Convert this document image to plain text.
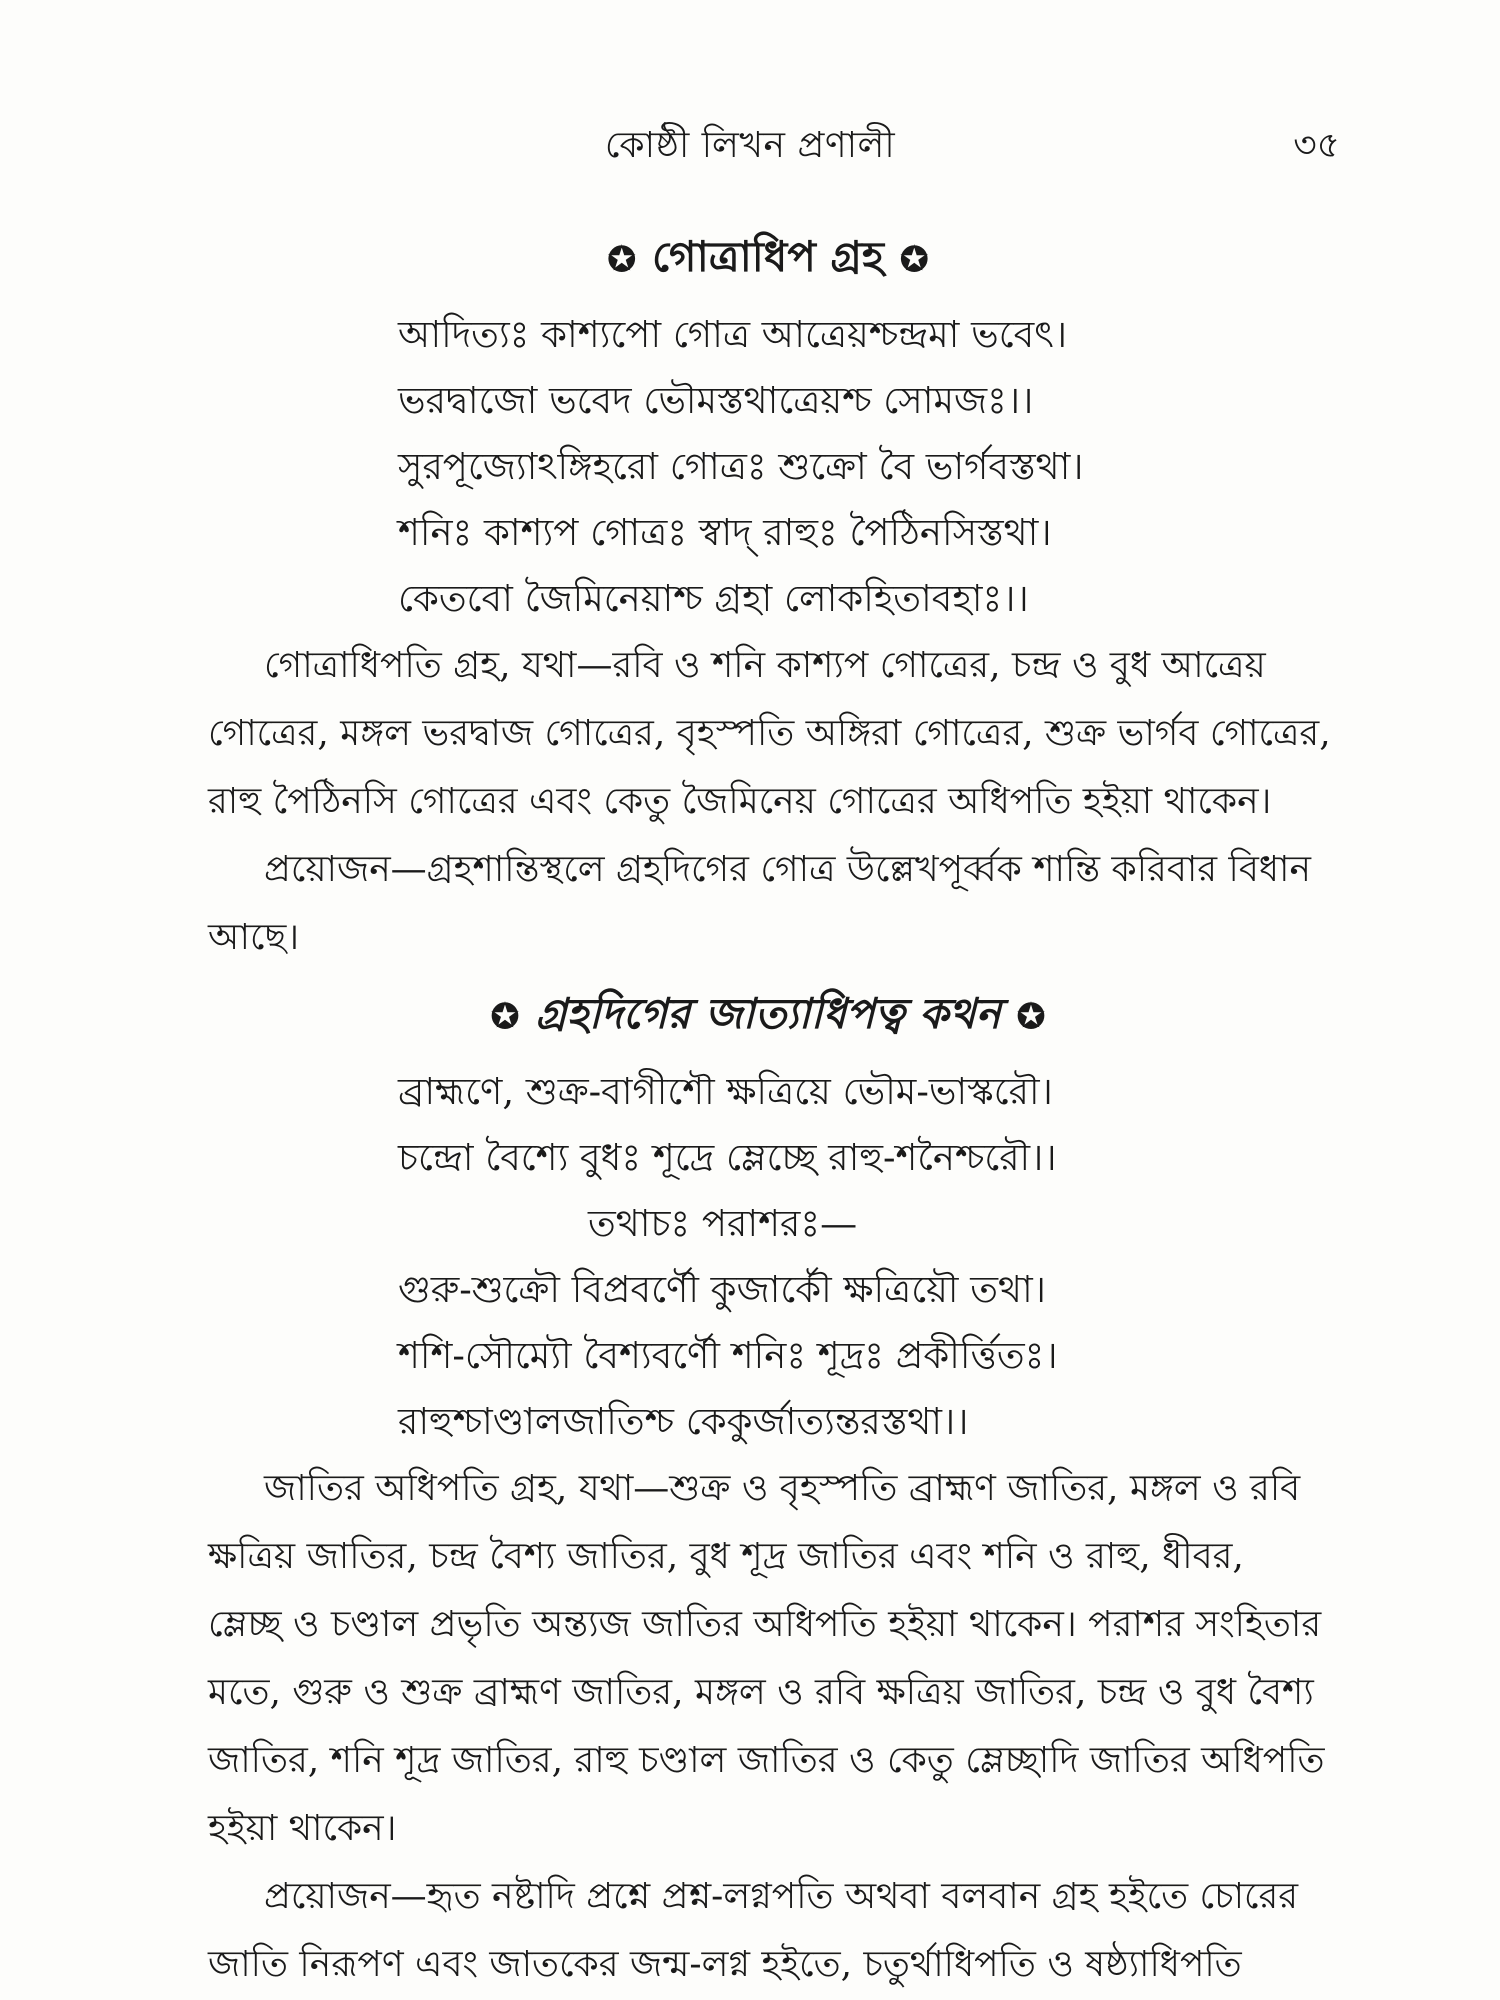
কোষ্ঠী লিখন প্রণালী	৩৫
✪ গোত্রাধিপ গ্রহ ✪

আদিত্যঃ কাশ্যপো গোত্র আত্রেয়শ্চন্দ্রমা ভবেৎ।

ভরদ্বাজো ভবেদ ভৌমস্তথাত্রেয়শ্চ সোমজঃ।।

সুরপূজ্যোঽঙ্গিহরো গোত্রঃ শুক্রো বৈ ভার্গবস্তথা।

শনিঃ কাশ্যপ গোত্রঃ স্বাদ্ রাহুঃ পৈঠিনসিস্তথা।

কেতবো জৈমিনেয়াশ্চ গ্রহা লোকহিতাবহাঃ।।

গোত্রাধিপতি গ্রহ, যথা—রবি ও শনি কাশ্যপ গোত্রের, চন্দ্র ও বুধ আত্রেয়
গোত্রের, মঙ্গল ভরদ্বাজ গোত্রের, বৃহস্পতি অঙ্গিরা গোত্রের, শুক্র ভার্গব গোত্রের,
রাহু পৈঠিনসি গোত্রের এবং কেতু জৈমিনেয় গোত্রের অধিপতি হইয়া থাকেন।

প্রয়োজন—গ্রহশান্তিস্থলে গ্রহদিগের গোত্র উল্লেখপূর্ব্বক শান্তি করিবার বিধান
আছে।

✪ গ্রহদিগের জাত্যাধিপত্ব কথন ✪

ব্রাহ্মণে, শুক্র-বাগীশৌ ক্ষত্রিয়ে ভৌম-ভাস্করৌ।

চন্দ্রো বৈশ্যে বুধঃ শূদ্রে ম্লেচ্ছে রাহু-শনৈশ্চরৌ।।

তথাচঃ পরাশরঃ—

গুরু-শুক্রৌ বিপ্রবর্ণৌ কুজার্কৌ ক্ষত্রিয়ৌ তথা।

শশি-সৌম্যৌ বৈশ্যবর্ণৌ শনিঃ শূদ্রঃ প্রকীর্ত্তিতঃ।

রাহুশ্চাণ্ডালজাতিশ্চ কেকুর্জাত্যন্তরস্তথা।।

জাতির অধিপতি গ্রহ, যথা—শুক্র ও বৃহস্পতি ব্রাহ্মণ জাতির, মঙ্গল ও রবি
ক্ষত্রিয় জাতির, চন্দ্র বৈশ্য জাতির, বুধ শূদ্র জাতির এবং শনি ও রাহু, ধীবর,
ম্লেচ্ছ ও চণ্ডাল প্রভৃতি অন্ত্যজ জাতির অধিপতি হইয়া থাকেন। পরাশর সংহিতার
মতে, গুরু ও শুক্র ব্রাহ্মণ জাতির, মঙ্গল ও রবি ক্ষত্রিয় জাতির, চন্দ্র ও বুধ বৈশ্য
জাতির, শনি শূদ্র জাতির, রাহু চণ্ডাল জাতির ও কেতু ম্লেচ্ছাদি জাতির অধিপতি
হইয়া থাকেন।

প্রয়োজন—হৃত নষ্টাদি প্রশ্নে প্রশ্ন-লগ্নপতি অথবা বলবান গ্রহ হইতে চোরের
জাতি নিরূপণ এবং জাতকের জন্ম-লগ্ন হইতে, চতুর্থাধিপতি ও ষষ্ঠ্যাধিপতি
